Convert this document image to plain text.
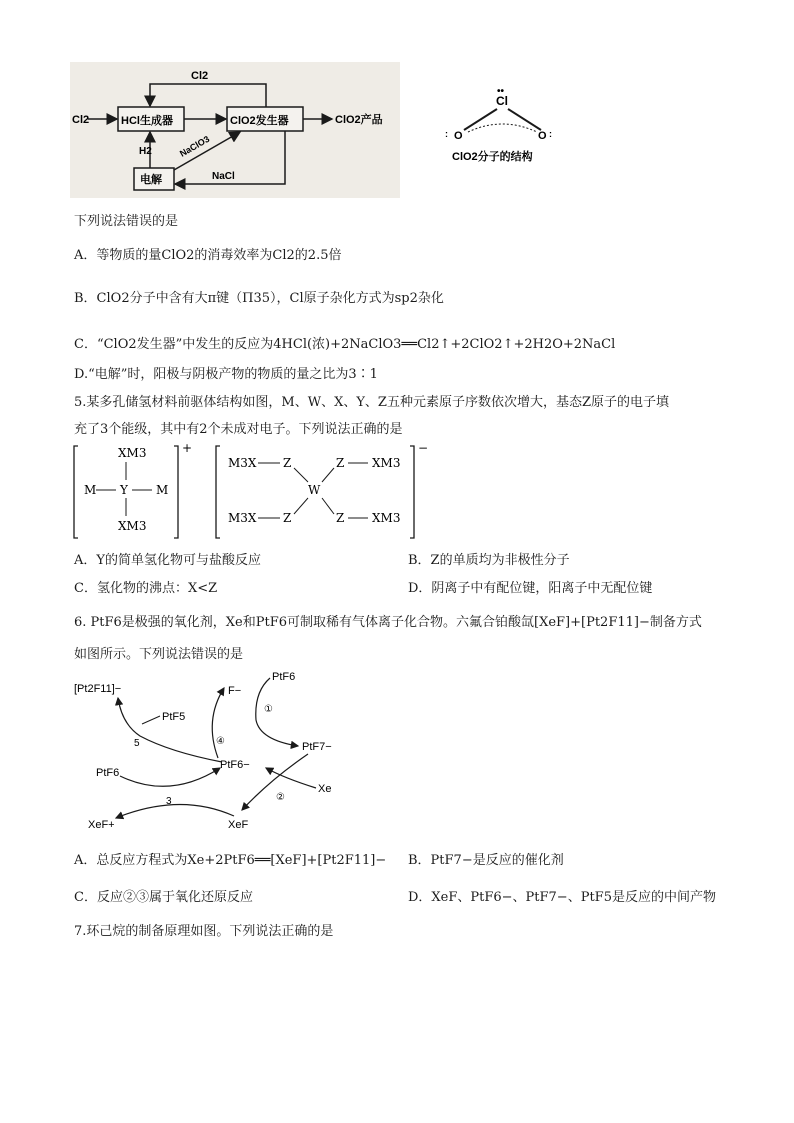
Cl2
Cl2	HCl生成器	ClO2发生器	ClO2产品
H2	NaClO3
NaCl
电解
Cl
••
O	O
:	:
ClO2分子的结构
下列说法错误的是
A．等物质的量ClO2的消毒效率为Cl2的2.5倍
B．ClO2分子中含有大π键（Π35），Cl原子杂化方式为sp2杂化
C．“ClO2发生器”中发生的反应为4HCl(浓)+2NaClO3══Cl2↑+2ClO2↑+2H2O+2NaCl
D.“电解”时，阳极与阴极产物的物质的量之比为3∶1
5.某多孔储氢材料前驱体结构如图，M、W、X、Y、Z五种元素原子序数依次增大，基态Z原子的电子填
充了3个能级，其中有2个未成对电子。下列说法正确的是
+
XM3
M Y M
XM3
−
M3X Z
W
Z XM3
M3X Z	Z XM3
A．Y的简单氢化物可与盐酸反应	B．Z的单质均为非极性分子
C．氢化物的沸点：X<Z	D．阴离子中有配位键，阳离子中无配位键
6. PtF6是极强的氧化剂，Xe和PtF6可制取稀有气体离子化合物。六氟合铂酸氙[XeF]+[Pt2F11]−制备方式
如图所示。下列说法错误的是
[Pt2F11]−
PtF5
F−
PtF6
PtF7−
PtF6−
PtF6
Xe
XeF+	XeF
①
②
3
④
5
A．总反应方程式为Xe+2PtF6══[XeF]+[Pt2F11]− B．PtF7−是反应的催化剂
C．反应②③属于氧化还原反应	D．XeF、PtF6−、PtF7−、PtF5是反应的中间产物
7.环己烷的制备原理如图。下列说法正确的是
